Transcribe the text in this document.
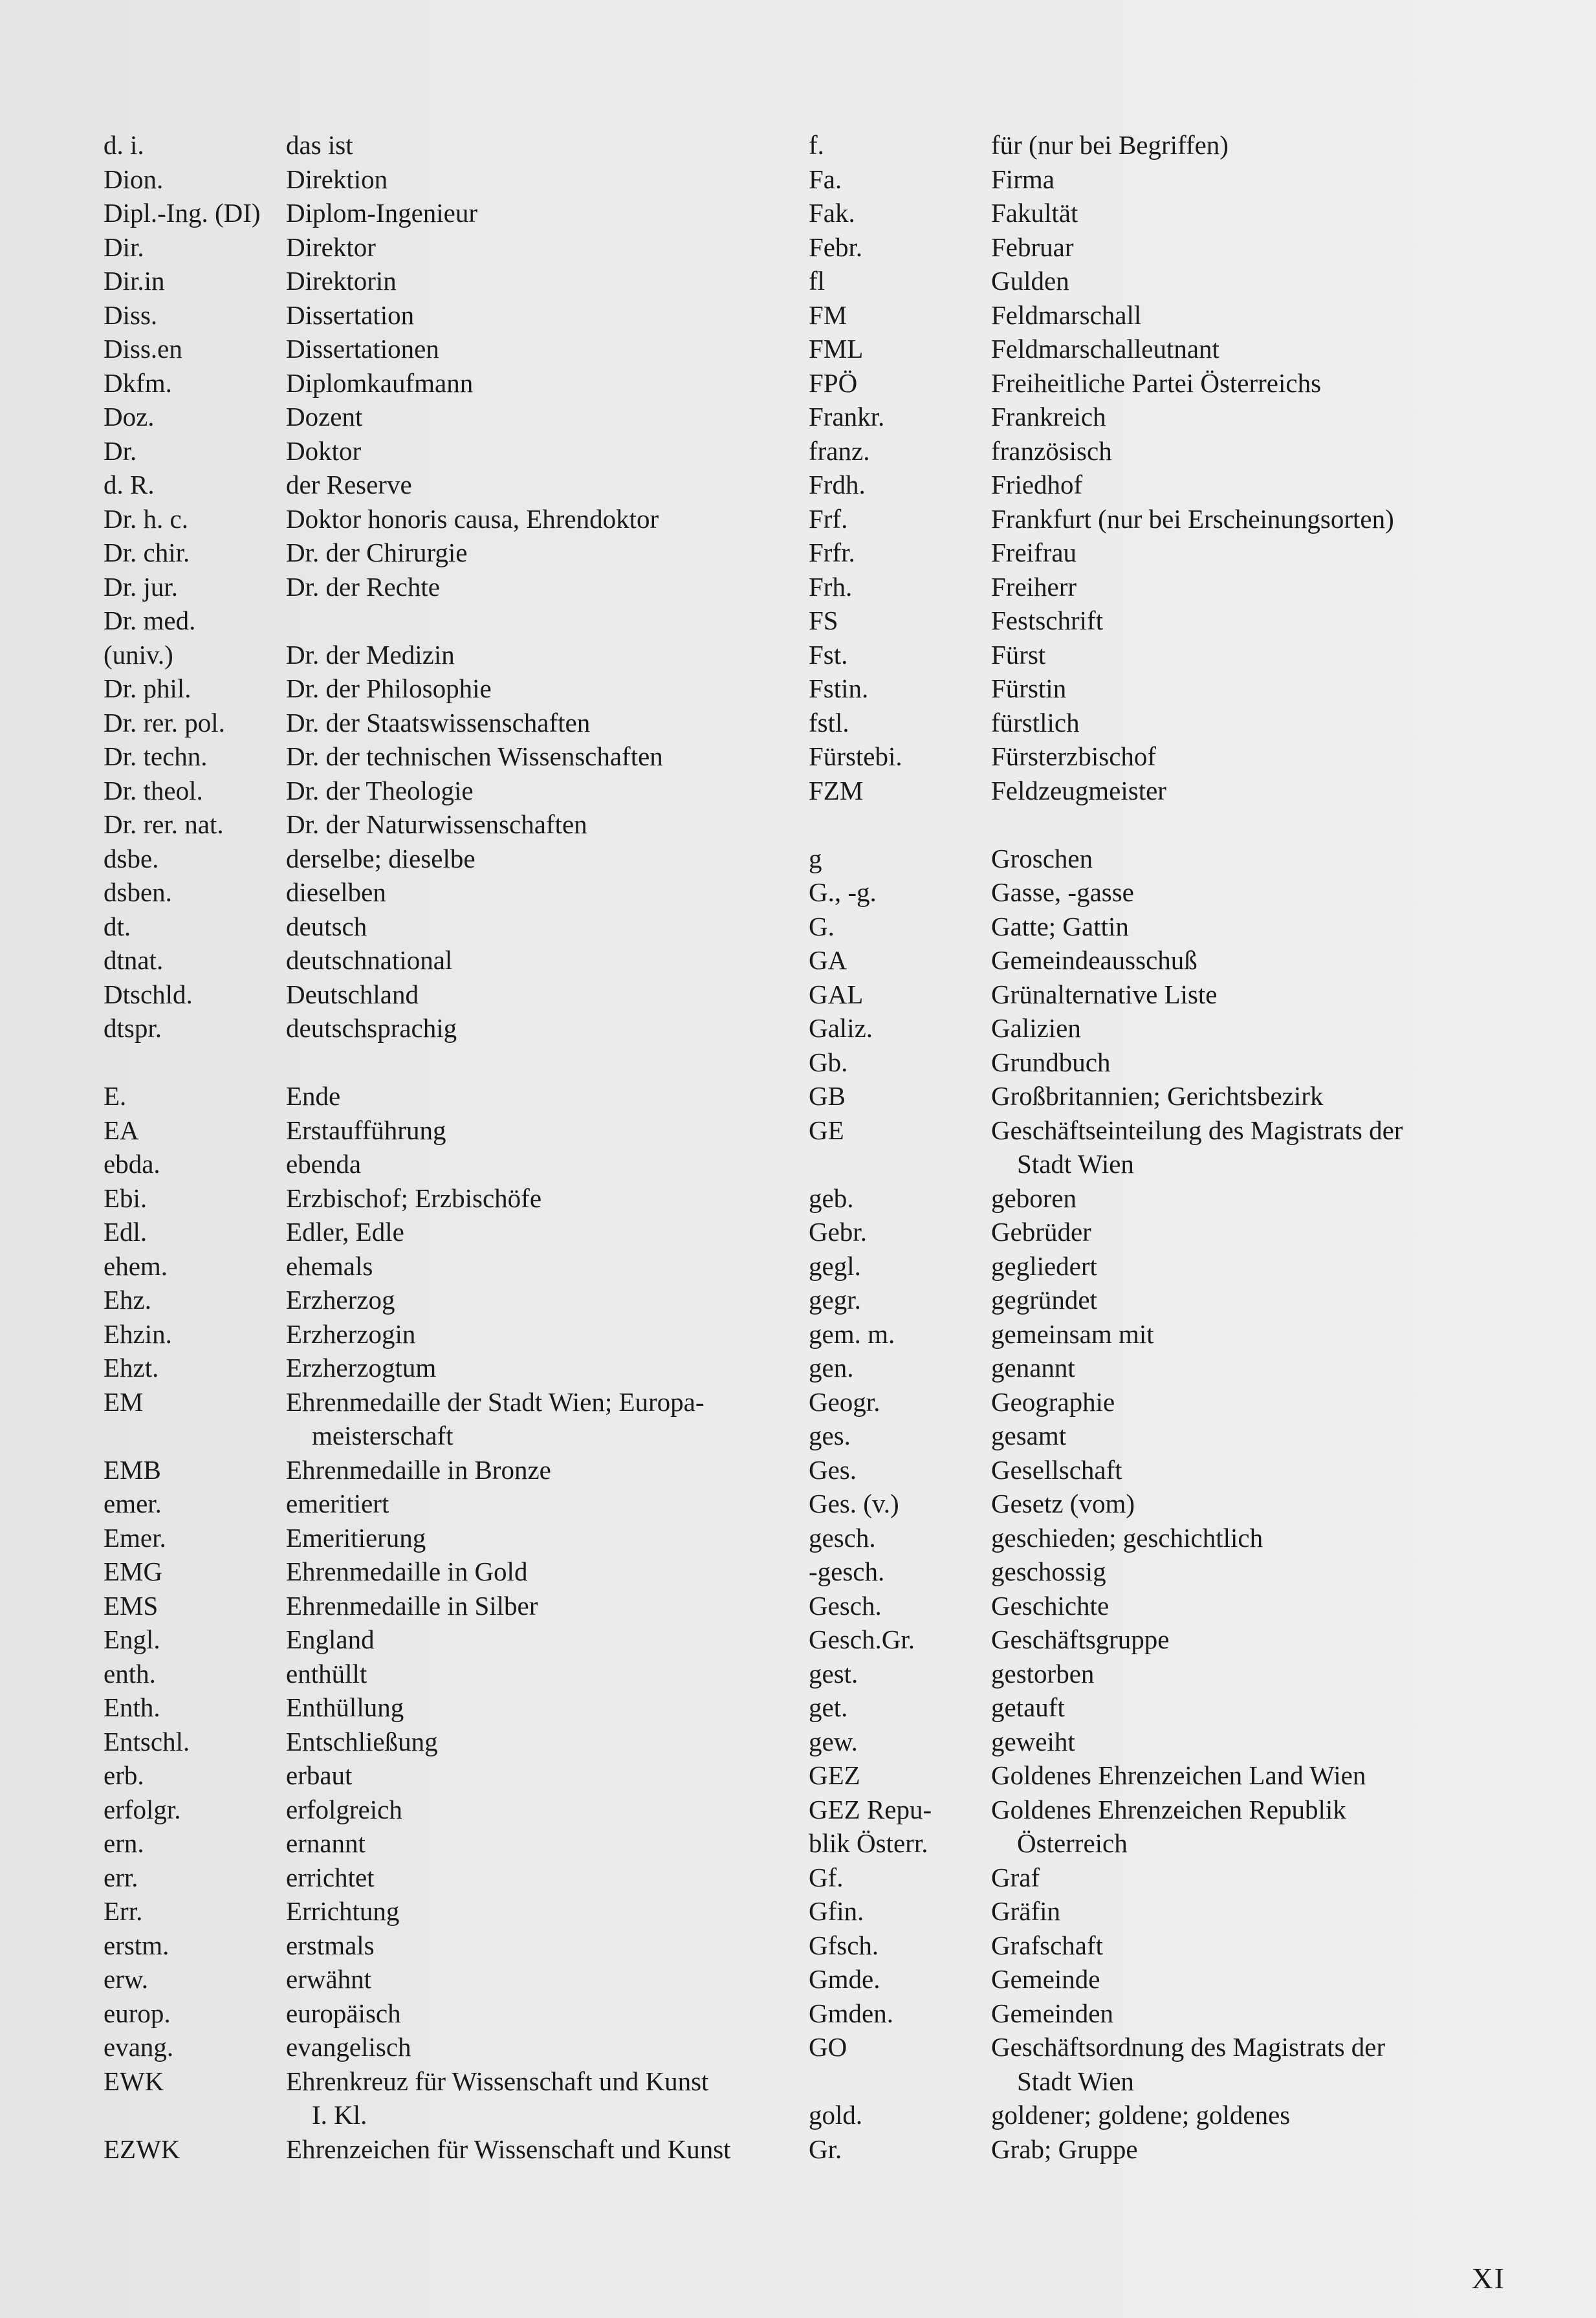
d. i.	das ist
Dion.	Direktion
Dipl.-Ing. (DI) Diplom-Ingenieur
Dir.	Direktor
Dir.in	Direktorin
Diss.	Dissertation
Diss.en	Dissertationen
Dkfm.	Diplomkaufmann
Doz.	Dozent
Dr.	Doktor
d. R.	der Reserve
Dr. h. c.	Doktor honoris causa, Ehrendoktor
Dr. chir.	Dr. der Chirurgie
Dr. jur.	Dr. der Rechte
Dr. med.
(univ.)	Dr. der Medizin
Dr. phil.	Dr. der Philosophie
Dr. rer. pol.	Dr. der Staatswissenschaften
Dr. techn.	Dr. der technischen Wissenschaften
Dr. theol.	Dr. der Theologie
Dr. rer. nat.	Dr. der Naturwissenschaften
dsbe.	derselbe; dieselbe
dsben.	dieselben
dt.	deutsch
dtnat.	deutschnational
Dtschld.	Deutschland
dtspr.	deutschsprachig
E.	Ende
EA	Erstaufführung
ebda.	ebenda
Ebi.	Erzbischof; Erzbischöfe
Edl.	Edler, Edle
ehem.	ehemals
Ehz.	Erzherzog
Ehzin.	Erzherzogin
Ehzt.	Erzherzogtum
EM	Ehrenmedaille der Stadt Wien; Europa-
meisterschaft
EMB	Ehrenmedaille in Bronze
emer.	emeritiert
Emer.	Emeritierung
EMG	Ehrenmedaille in Gold
EMS	Ehrenmedaille in Silber
Engl.	England
enth.	enthüllt
Enth.	Enthüllung
Entschl.	Entschließung
erb.	erbaut
erfolgr.	erfolgreich
ern.	ernannt
err.	errichtet
Err.	Errichtung
erstm.	erstmals
erw.	erwähnt
europ.	europäisch
evang.	evangelisch
EWK	Ehrenkreuz für Wissenschaft und Kunst
I. Kl.
EZWK	Ehrenzeichen für Wissenschaft und Kunst
f.	für (nur bei Begriffen)
Fa.	Firma
Fak.	Fakultät
Febr.	Februar
fl	Gulden
FM	Feldmarschall
FML	Feldmarschalleutnant
FPÖ	Freiheitliche Partei Österreichs
Frankr.	Frankreich
franz.	französisch
Frdh.	Friedhof
Frf.	Frankfurt (nur bei Erscheinungsorten)
Frfr.	Freifrau
Frh.	Freiherr
FS	Festschrift
Fst.	Fürst
Fstin.	Fürstin
fstl.	fürstlich
Fürstebi.	Fürsterzbischof
FZM	Feldzeugmeister
g	Groschen
G., -g.	Gasse, -gasse
G.	Gatte; Gattin
GA	Gemeindeausschuß
GAL	Grünalternative Liste
Galiz.	Galizien
Gb.	Grundbuch
GB	Großbritannien; Gerichtsbezirk
GE	Geschäftseinteilung des Magistrats der
Stadt Wien
geb.	geboren
Gebr.	Gebrüder
gegl.	gegliedert
gegr.	gegründet
gem. m.	gemeinsam mit
gen.	genannt
Geogr.	Geographie
ges.	gesamt
Ges.	Gesellschaft
Ges. (v.)	Gesetz (vom)
gesch.	geschieden; geschichtlich
-gesch.	geschossig
Gesch.	Geschichte
Gesch.Gr.	Geschäftsgruppe
gest.	gestorben
get.	getauft
gew.	geweiht
GEZ	Goldenes Ehrenzeichen Land Wien
GEZ Repu-	Goldenes Ehrenzeichen Republik
blik Österr.	Österreich
Gf.	Graf
Gfin.	Gräfin
Gfsch.	Grafschaft
Gmde.	Gemeinde
Gmden.	Gemeinden
GO	Geschäftsordnung des Magistrats der
Stadt Wien
gold.	goldener; goldene; goldenes
Gr.	Grab; Gruppe
XI
